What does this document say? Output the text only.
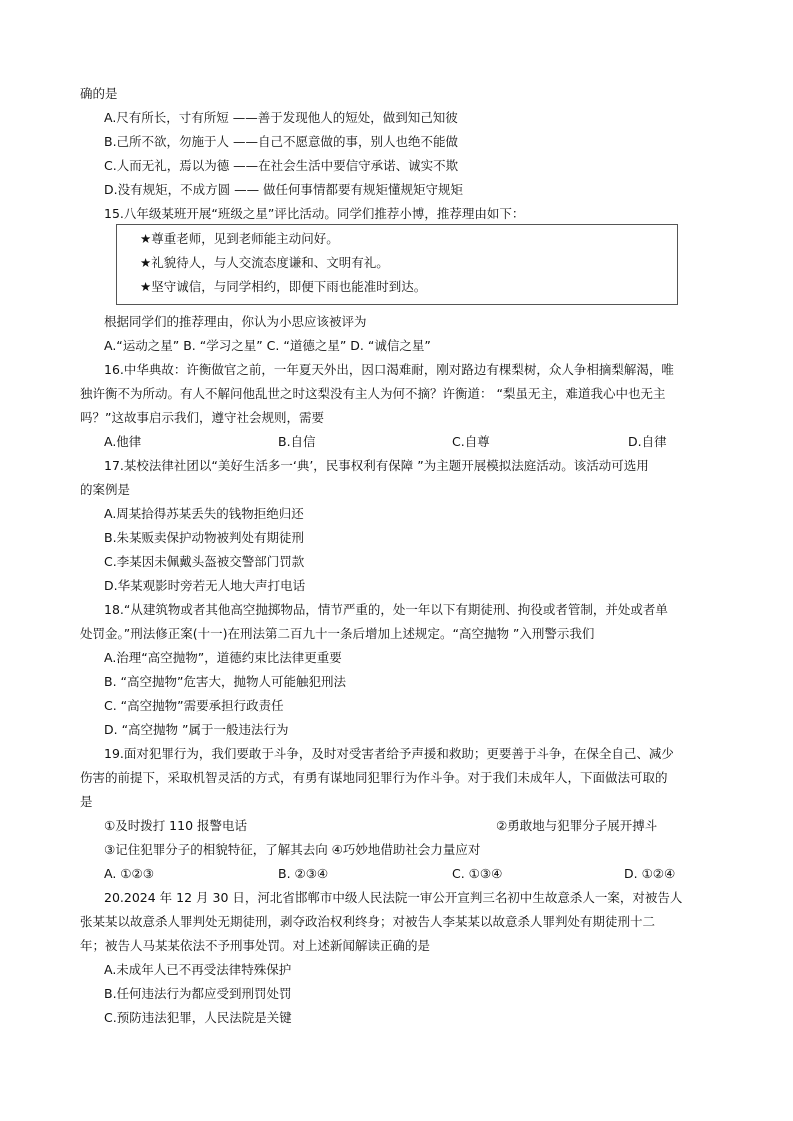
确的是
A.尺有所长，寸有所短 ——善于发现他人的短处，做到知己知彼
B.己所不欲，勿施于人 ——自己不愿意做的事，别人也绝不能做
C.人而无礼，焉以为德 ——在社会生活中要信守承诺、诚实不欺
D.没有规矩，不成方圆 —— 做任何事情都要有规矩懂规矩守规矩
15.八年级某班开展“班级之星”评比活动。同学们推荐小博，推荐理由如下：
★尊重老师，见到老师能主动问好。
★礼貌待人，与人交流态度谦和、文明有礼。
★坚守诚信，与同学相约，即便下雨也能准时到达。
根据同学们的推荐理由，你认为小思应该被评为
A.“运动之星” B. “学习之星” C. “道德之星” D. “诚信之星”
16.中华典故：许衡做官之前，一年夏天外出，因口渴难耐，刚对路边有棵梨树，众人争相摘梨解渴，唯
独许衡不为所动。有人不解问他乱世之时这梨没有主人为何不摘？许衡道： “梨虽无主，难道我心中也无主
吗？”这故事启示我们，遵守社会规则，需要
A.他律	B.自信	C.自尊	D.自律
17.某校法律社团以“美好生活多一‘典’，民事权利有保障 ”为主题开展模拟法庭活动。该活动可选用
的案例是
A.周某拾得苏某丢失的钱物拒绝归还
B.朱某贩卖保护动物被判处有期徒刑
C.李某因未佩戴头盔被交警部门罚款
D.华某观影时旁若无人地大声打电话
18.“从建筑物或者其他高空抛掷物品，情节严重的，处一年以下有期徒刑、拘役或者管制，并处或者单
处罚金。”刑法修正案(十一)在刑法第二百九十一条后增加上述规定。“高空抛物 ”入刑警示我们
A.治理“高空抛物”，道德约束比法律更重要
B. “高空抛物”危害大，抛物人可能触犯刑法
C. “高空抛物”需要承担行政责任
D. “高空抛物 ”属于一般违法行为
19.面对犯罪行为，我们要敢于斗争，及时对受害者给予声援和救助；更要善于斗争，在保全自己、减少
伤害的前提下，采取机智灵活的方式，有勇有谋地同犯罪行为作斗争。对于我们未成年人，下面做法可取的
是
①及时拨打 110 报警电话	②勇敢地与犯罪分子展开搏斗
③记住犯罪分子的相貌特征，了解其去向 ④巧妙地借助社会力量应对
A. ①②③	B. ②③④	C. ①③④	D. ①②④
20.2024 年 12 月 30 日，河北省邯郸市中级人民法院一审公开宣判三名初中生故意杀人一案，对被告人
张某某以故意杀人罪判处无期徒刑，剥夺政治权利终身；对被告人李某某以故意杀人罪判处有期徒刑十二
年；被告人马某某依法不予刑事处罚。对上述新闻解读正确的是
A.未成年人已不再受法律特殊保护
B.任何违法行为都应受到刑罚处罚
C.预防违法犯罪，人民法院是关键
